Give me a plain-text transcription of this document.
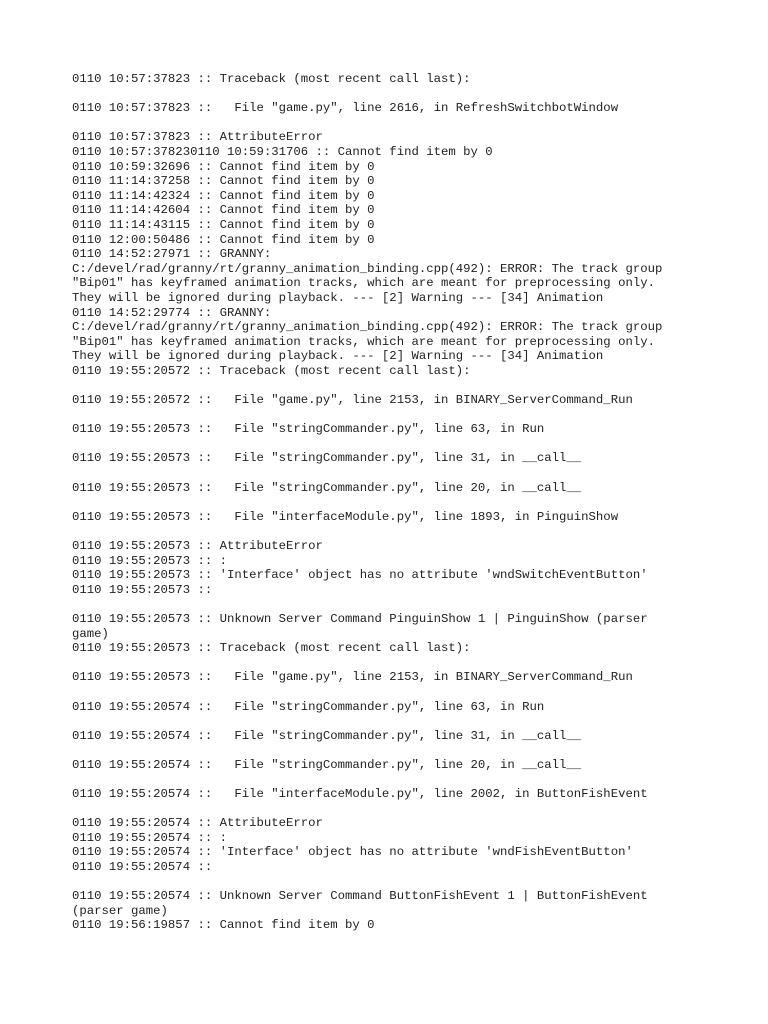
0110 10:57:37823 :: Traceback (most recent call last):
0110 10:57:37823 ::   File "game.py", line 2616, in RefreshSwitchbotWindow
0110 10:57:37823 :: AttributeError
0110 10:57:378230110 10:59:31706 :: Cannot find item by 0
0110 10:59:32696 :: Cannot find item by 0
0110 11:14:37258 :: Cannot find item by 0
0110 11:14:42324 :: Cannot find item by 0
0110 11:14:42604 :: Cannot find item by 0
0110 11:14:43115 :: Cannot find item by 0
0110 12:00:50486 :: Cannot find item by 0
0110 14:52:27971 :: GRANNY:
C:/devel/rad/granny/rt/granny_animation_binding.cpp(492): ERROR: The track group
"Bip01" has keyframed animation tracks, which are meant for preprocessing only.
They will be ignored during playback. --- [2] Warning --- [34] Animation
0110 14:52:29774 :: GRANNY:
C:/devel/rad/granny/rt/granny_animation_binding.cpp(492): ERROR: The track group
"Bip01" has keyframed animation tracks, which are meant for preprocessing only.
They will be ignored during playback. --- [2] Warning --- [34] Animation
0110 19:55:20572 :: Traceback (most recent call last):
0110 19:55:20572 ::   File "game.py", line 2153, in BINARY_ServerCommand_Run
0110 19:55:20573 ::   File "stringCommander.py", line 63, in Run
0110 19:55:20573 ::   File "stringCommander.py", line 31, in __call__
0110 19:55:20573 ::   File "stringCommander.py", line 20, in __call__
0110 19:55:20573 ::   File "interfaceModule.py", line 1893, in PinguinShow
0110 19:55:20573 :: AttributeError
0110 19:55:20573 :: :
0110 19:55:20573 :: 'Interface' object has no attribute 'wndSwitchEventButton'
0110 19:55:20573 ::
0110 19:55:20573 :: Unknown Server Command PinguinShow 1 | PinguinShow (parser
game)
0110 19:55:20573 :: Traceback (most recent call last):
0110 19:55:20573 ::   File "game.py", line 2153, in BINARY_ServerCommand_Run
0110 19:55:20574 ::   File "stringCommander.py", line 63, in Run
0110 19:55:20574 ::   File "stringCommander.py", line 31, in __call__
0110 19:55:20574 ::   File "stringCommander.py", line 20, in __call__
0110 19:55:20574 ::   File "interfaceModule.py", line 2002, in ButtonFishEvent
0110 19:55:20574 :: AttributeError
0110 19:55:20574 :: :
0110 19:55:20574 :: 'Interface' object has no attribute 'wndFishEventButton'
0110 19:55:20574 ::
0110 19:55:20574 :: Unknown Server Command ButtonFishEvent 1 | ButtonFishEvent
(parser game)
0110 19:56:19857 :: Cannot find item by 0
